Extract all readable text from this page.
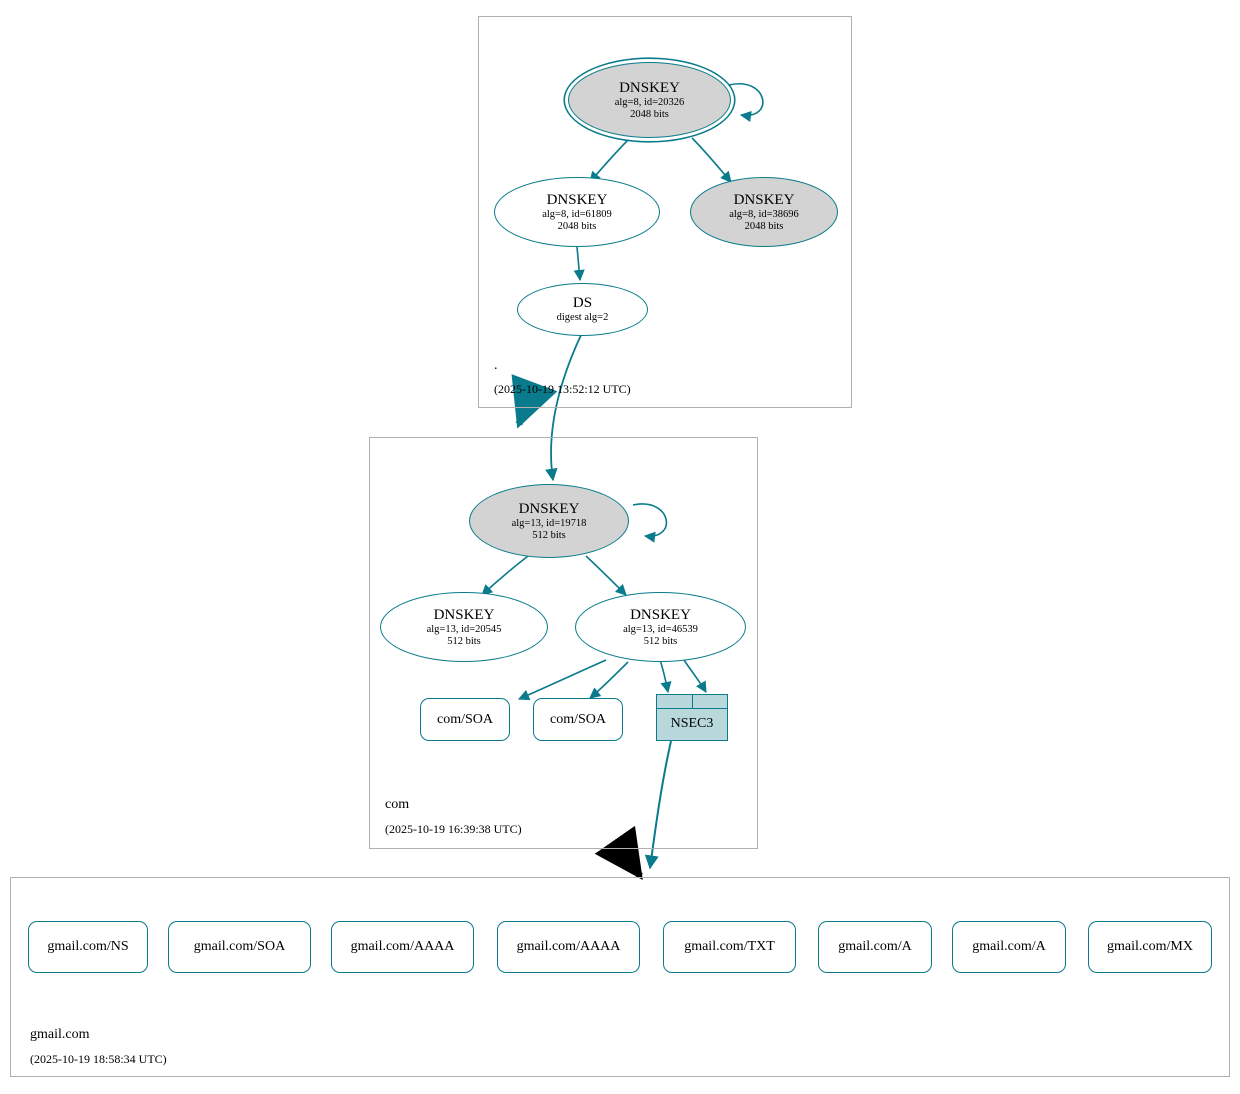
.
(2025-10-19 13:52:12 UTC)
com
(2025-10-19 16:39:38 UTC)
gmail.com
(2025-10-19 18:58:34 UTC)
DNSKEY
alg=8, id=20326
2048 bits
DNSKEY
alg=8, id=61809
2048 bits
DNSKEY
alg=8, id=38696
2048 bits
DS
digest alg=2
DNSKEY
alg=13, id=19718
512 bits
DNSKEY
alg=13, id=20545
512 bits
DNSKEY
alg=13, id=46539
512 bits
com/SOA	com/SOA	NSEC3
gmail.com/NS	gmail.com/SOA	gmail.com/AAAA	gmail.com/AAAA	gmail.com/TXT	gmail.com/A	gmail.com/A	gmail.com/MX
